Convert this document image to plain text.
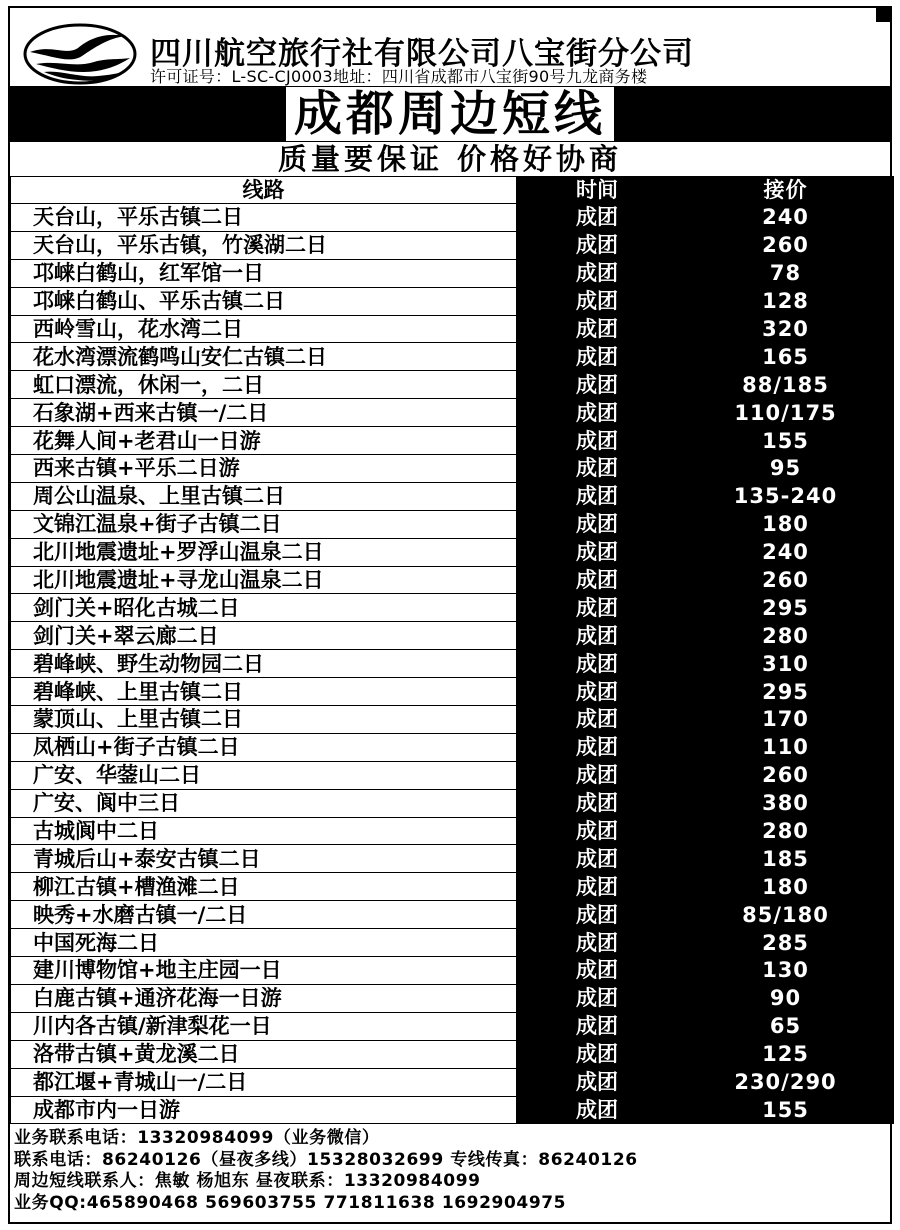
四川航空旅行社有限公司八宝街分公司
许可证号：L-SC-CJ0003地址：四川省成都市八宝街90号九龙商务楼
成都周边短线
质量要保证 价格好协商
线路	时间	接价
天台山，平乐古镇二日	成团	240
天台山，平乐古镇，竹溪湖二日	成团	260
邛崃白鹤山，红军馆一日	成团	78
邛崃白鹤山、平乐古镇二日	成团	128
西岭雪山，花水湾二日	成团	320
花水湾漂流鹤鸣山安仁古镇二日	成团	165
虹口漂流，休闲一，二日	成团	88/185
石象湖+西来古镇一/二日	成团	110/175
花舞人间+老君山一日游	成团	155
西来古镇+平乐二日游	成团	95
周公山温泉、上里古镇二日	成团	135-240
文锦江温泉+街子古镇二日	成团	180
北川地震遗址+罗浮山温泉二日	成团	240
北川地震遗址+寻龙山温泉二日	成团	260
剑门关+昭化古城二日	成团	295
剑门关+翠云廊二日	成团	280
碧峰峡、野生动物园二日	成团	310
碧峰峡、上里古镇二日	成团	295
蒙顶山、上里古镇二日	成团	170
凤栖山+街子古镇二日	成团	110
广安、华蓥山二日	成团	260
广安、阆中三日	成团	380
古城阆中二日	成团	280
青城后山+泰安古镇二日	成团	185
柳江古镇+槽渔滩二日	成团	180
映秀+水磨古镇一/二日	成团	85/180
中国死海二日	成团	285
建川博物馆+地主庄园一日	成团	130
白鹿古镇+通济花海一日游	成团	90
川内各古镇/新津梨花一日	成团	65
洛带古镇+黄龙溪二日	成团	125
都江堰+青城山一/二日	成团	230/290
成都市内一日游	成团	155
业务联系电话：13320984099（业务微信）
联系电话：86240126（昼夜多线）15328032699 专线传真：86240126
周边短线联系人：焦敏 杨旭东 昼夜联系：13320984099
业务QQ:465890468 569603755 771811638 1692904975
